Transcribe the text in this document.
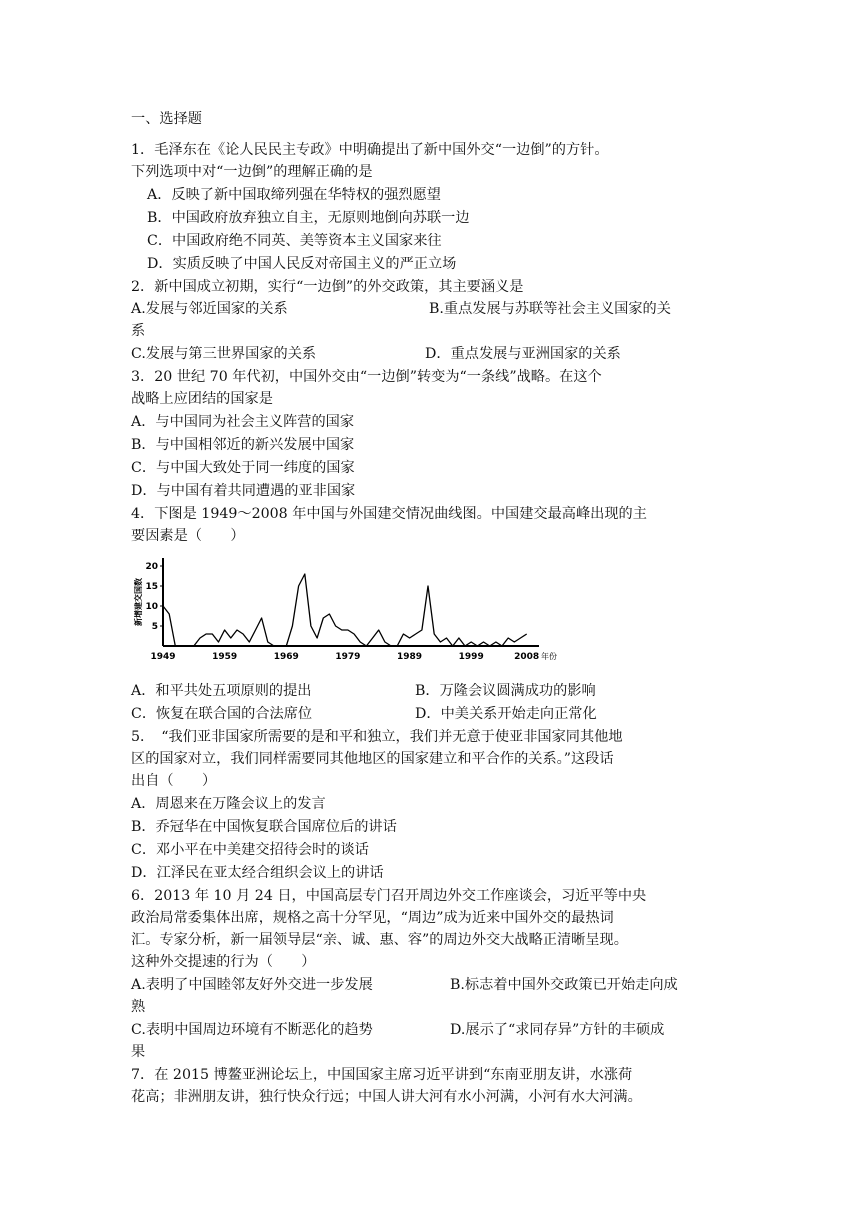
一、选择题
1．毛泽东在《论人民民主专政》中明确提出了新中国外交“一边倒”的方针。
下列选项中对“一边倒”的理解正确的是
A．反映了新中国取缔列强在华特权的强烈愿望
B．中国政府放弃独立自主，无原则地倒向苏联一边
C．中国政府绝不同英、美等资本主义国家来往
D．实质反映了中国人民反对帝国主义的严正立场
2．新中国成立初期，实行“一边倒”的外交政策，其主要涵义是
A.发展与邻近国家的关系	B.重点发展与苏联等社会主义国家的关
系
C.发展与第三世界国家的关系	D．重点发展与亚洲国家的关系
3．20 世纪 70 年代初，中国外交由“一边倒”转变为“一条线”战略。在这个
战略上应团结的国家是
A．与中国同为社会主义阵营的国家
B．与中国相邻近的新兴发展中国家
C．与中国大致处于同一纬度的国家
D．与中国有着共同遭遇的亚非国家
4．下图是 1949～2008 年中国与外国建交情况曲线图。中国建交最高峰出现的主
要因素是（　　）
A．和平共处五项原则的提出	B．万隆会议圆满成功的影响
C．恢复在联合国的合法席位	D．中美关系开始走向正常化
5．　“我们亚非国家所需要的是和平和独立，我们并无意于使亚非国家同其他地
区的国家对立，我们同样需要同其他地区的国家建立和平合作的关系。”这段话
出自（　　）
A．周恩来在万隆会议上的发言
B．乔冠华在中国恢复联合国席位后的讲话
C．邓小平在中美建交招待会时的谈话
D．江泽民在亚太经合组织会议上的讲话
6．2013 年 10 月 24 日，中国高层专门召开周边外交工作座谈会，习近平等中央
政治局常委集体出席，规格之高十分罕见，“周边”成为近来中国外交的最热词
汇。专家分析，新一届领导层“亲、诚、惠、容”的周边外交大战略正清晰呈现。
这种外交提速的行为（　　）
A.表明了中国睦邻友好外交进一步发展	B.标志着中国外交政策已开始走向成
熟
C.表明中国周边环境有不断恶化的趋势	D.展示了“求同存异”方针的丰硕成
果
7．在 2015 博鳌亚洲论坛上，中国国家主席习近平讲到“东南亚朋友讲，水涨荷
花高；非洲朋友讲，独行快众行远；中国人讲大河有水小河满，小河有水大河满。
5
10
15
20
1949	1959	1969	1979	1989	1999	2008 年份
新增建交国数
